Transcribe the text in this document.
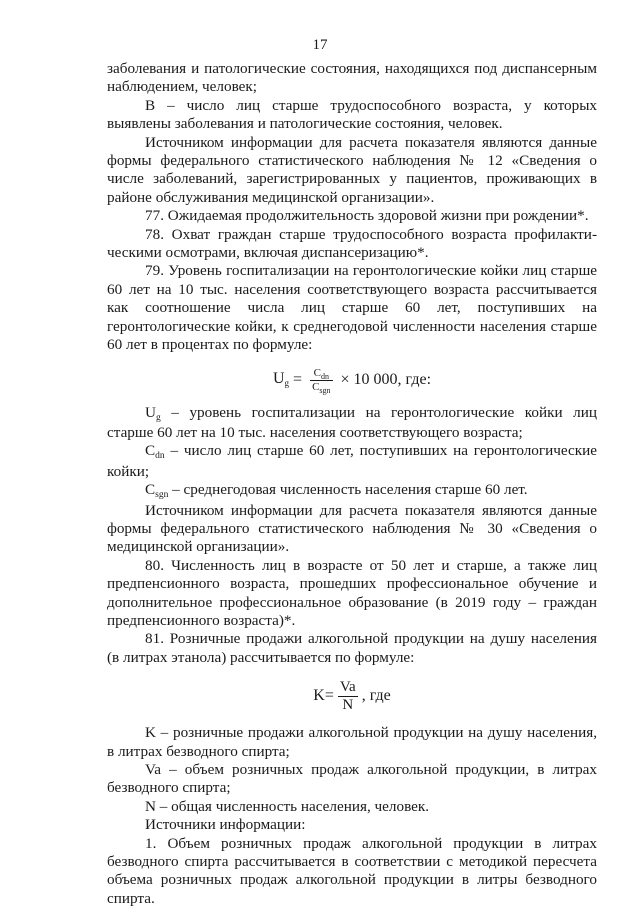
17

заболевания и патологические состояния, находящихся под диспансерным наблюдением, человек;

B – число лиц старше трудоспособного возраста, у которых выявлены заболевания и патологические состояния, человек.

Источником информации для расчета показателя являются данные формы федерального статистического наблюдения № 12 «Сведения о числе заболеваний, зарегистрированных у пациентов, проживающих в районе обслуживания медицинской организации».

77. Ожидаемая продолжительность здоровой жизни при рождении*.

78. Охват граждан старше трудоспособного возраста профилакти-ческими осмотрами, включая диспансеризацию*.

79. Уровень госпитализации на геронтологические койки лиц старше 60 лет на 10 тыс. населения соответствующего возраста рассчитывается как соотношение числа лиц старше 60 лет, поступивших на геронтологические койки, к среднегодовой численности населения старше 60 лет в процентах по формуле:

$Ug = \frac{C_{dn}}{C_{sgn}} \times 10$ 000, где:

Ug – уровень госпитализации на геронтологические койки лиц старше 60 лет на 10 тыс. населения соответствующего возраста;

Cdn – число лиц старше 60 лет, поступивших на геронтологические койки;

Csgn – среднегодовая численность населения старше 60 лет.

Источником информации для расчета показателя являются данные формы федерального статистического наблюдения № 30 «Сведения о медицинской организации».

80. Численность лиц в возрасте от 50 лет и старше, а также лиц предпенсионного возраста, прошедших профессиональное обучение и дополнительное профессиональное образование (в 2019 году – граждан предпенсионного возраста)*.

81. Розничные продажи алкогольной продукции на душу населения (в литрах этанола) рассчитывается по формуле:

$K = \frac{Va}{N}$ , где

K – розничные продажи алкогольной продукции на душу населения, в литрах безводного спирта;

Va – объем розничных продаж алкогольной продукции, в литрах безводного спирта;

N – общая численность населения, человек.

Источники информации:

1. Объем розничных продаж алкогольной продукции в литрах безводного спирта рассчитывается в соответствии с методикой пересчета объема розничных продаж алкогольной продукции в литры безводного спирта.
